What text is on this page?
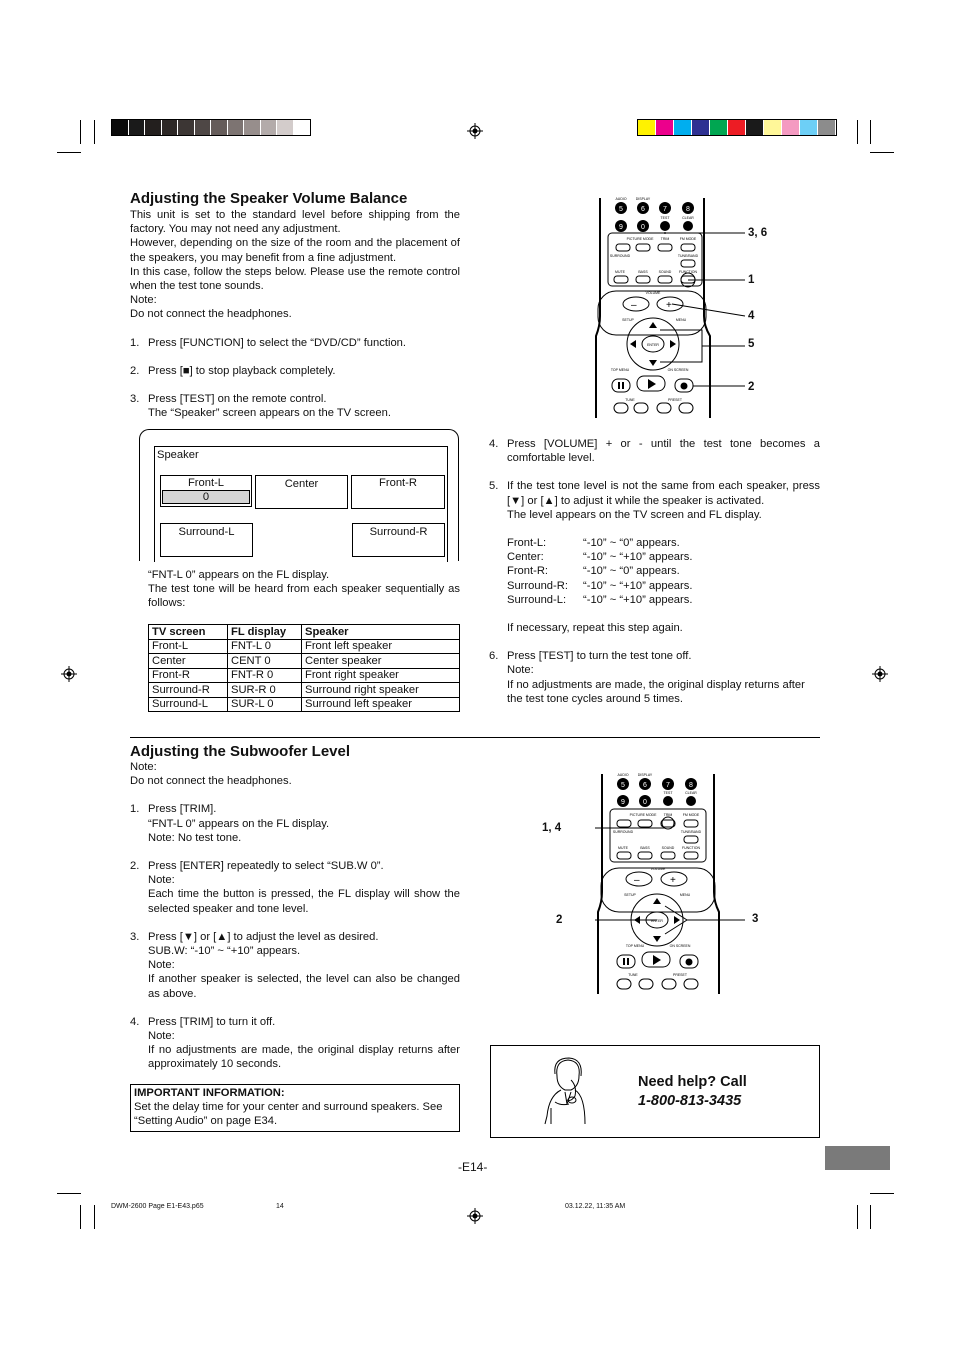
Adjusting the Speaker Volume Balance
This unit is set to the standard level before shipping from the factory. You may not need any adjustment.
However, depending on the size of the room and the placement of the speakers, you may benefit from a fine adjustment.
In this case, follow the steps below. Please use the remote control when the test tone sounds.
Note:
Do not connect the headphones.
1. Press [FUNCTION] to select the “DVD/CD” function.
2. Press [■] to stop playback completely.
3. Press [TEST] on the remote control.
The “Speaker” screen appears on the TV screen.
Speaker
Front-L
0
Center	Front-R
Surround-L	Surround-R
“FNT-L 0” appears on the FL display.
The test tone will be heard from each speaker sequentially as follows:
TV screen	FL display	Speaker
Front-L	FNT-L 0	Front left speaker
Center	CENT 0	Center speaker
Front-R	FNT-R 0	Front right speaker
Surround-R	SUR-R 0	Surround right speaker
Surround-L	SUR-L 0	Surround left speaker
5	6	7	8
9	0
AUDIO	DISPLAY
TEST	CLEAR
PICTURE MODE TRIM	FM MODE
SURROUND	TUNE/BAND
MUTE	BASS	SOUND FUNCTION
VOLUME
SETUP	MENU
ENTER
TOP MENU	ON SCREEN
TUNE	PRESET
–	+
3, 6
1
4
5
2
4. Press [VOLUME] + or - until the test tone becomes a comfortable level.
5. If the test tone level is not the same from each speaker, press [▼] or [▲] to adjust it while the speaker is activated.
The level appears on the TV screen and FL display.
Front-L:	“-10” ~ “0” appears.
Center:	“-10” ~ “+10” appears.
Front-R:	“-10” ~ “0” appears.
Surround-R:	“-10” ~ “+10” appears.
Surround-L:	“-10” ~ “+10” appears.
If necessary, repeat this step again.
6. Press [TEST] to turn the test tone off.
Note:
If no adjustments are made, the original display returns after the test tone cycles around 5 times.
Adjusting the Subwoofer Level
Note:
Do not connect the headphones.
1. Press [TRIM].
“FNT-L 0” appears on the FL display.
Note: No test tone.
2. Press [ENTER] repeatedly to select “SUB.W 0”.
Note:
Each time the button is pressed, the FL display will show the selected speaker and tone level.
3. Press [▼] or [▲] to adjust the level as desired.
SUB.W: “-10” ~ “+10” appears.
Note:
If another speaker is selected, the level can also be changed as above.
4. Press [TRIM] to turn it off.
Note:
If no adjustments are made, the original display returns after approximately 10 seconds.
IMPORTANT INFORMATION:
Set the delay time for your center and surround speakers. See “Setting Audio” on page E34.
5	6	7	8
9	0
AUDIO	DISPLAY
TEST	CLEAR
PICTURE MODE TRIM	FM MODE
SURROUND	TUNE/BAND
MUTE	BASS	SOUND FUNCTION
VOLUME
SETUP	MENU
ENTER
TOP MENU	ON SCREEN
TUNE	PRESET
–	+
1, 4
2	3
Need help? Call
1-800-813-3435
-E14-
DWM-2600 Page E1-E43.p65	14	03.12.22, 11:35 AM
